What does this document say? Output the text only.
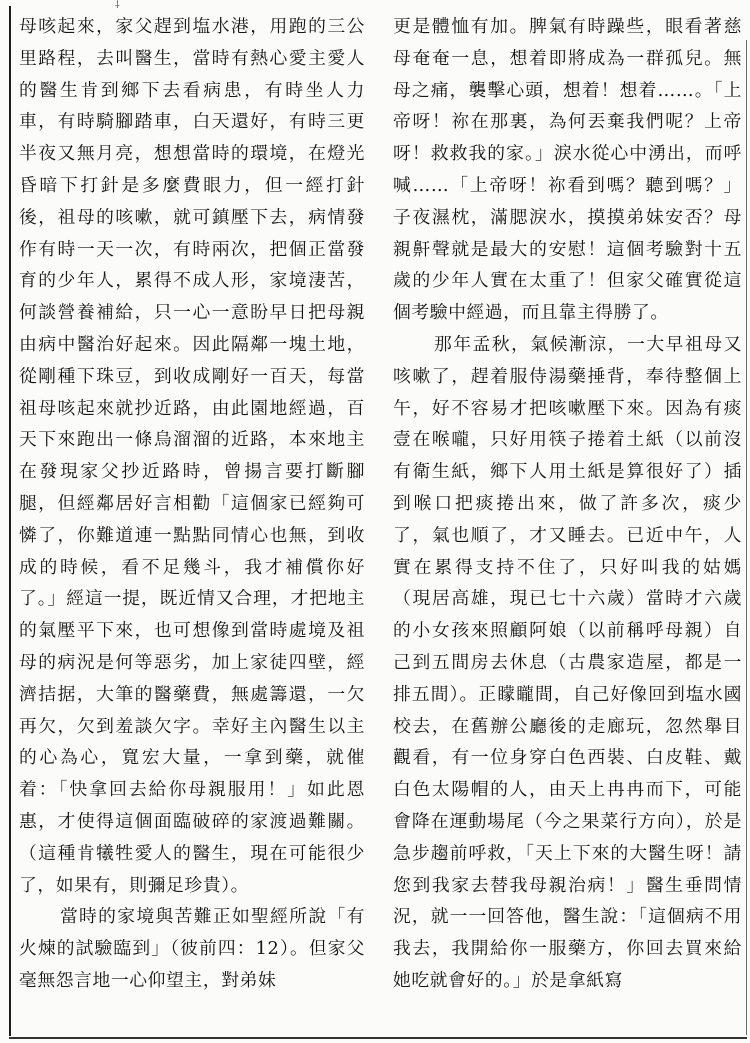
⸸

母咳起來，家父趕到塩水港，用跑的三公里路程，去叫醫生，當時有熱心愛主愛人的醫生肯到鄉下去看病患，有時坐人力車，有時騎腳踏車，白天還好，有時三更半夜又無月亮，想想當時的環境，在燈光昏暗下打針是多麼費眼力，但一經打針後，祖母的咳嗽，就可鎮壓下去，病情發作有時一天一次，有時兩次，把個正當發育的少年人，累得不成人形，家境淒苦，何談營養補給，只一心一意盼早日把母親由病中醫治好起來。因此隔鄰一塊土地，從剛種下珠豆，到收成剛好一百天，每當祖母咳起來就抄近路，由此園地經過，百天下來跑出一條烏溜溜的近路，本來地主在發現家父抄近路時，曾揚言要打斷腳腿，但經鄰居好言相勸「這個家已經夠可憐了，你難道連一點點同情心也無，到收成的時候，看不足幾斗，我才補償你好了。」經這一提，既近情又合理，才把地主的氣壓平下來，也可想像到當時處境及祖母的病況是何等惡劣，加上家徒四壁，經濟拮据，大筆的醫藥費，無處籌還，一欠再欠，欠到羞談欠字。幸好主內醫生以主的心為心，寬宏大量，一拿到藥，就催着：「快拿回去給你母親服用！」如此恩惠，才使得這個面臨破碎的家渡過難關。（這種肯犧牲愛人的醫生，現在可能很少了，如果有，則彌足珍貴）。

當時的家境與苦難正如聖經所說「有火煉的試驗臨到」（彼前四：12）。但家父毫無怨言地一心仰望主，對弟妹

更是體恤有加。脾氣有時躁些，眼看著慈母奄奄一息，想着即將成為一群孤兒。無母之痛，襲擊心頭，想着！想着……。「上帝呀！祢在那裏，為何丟棄我們呢？上帝呀！救救我的家。」淚水從心中湧出，而呼喊……「上帝呀！祢看到嗎？聽到嗎？」子夜濕枕，滿腮淚水，摸摸弟妹安否？母親鼾聲就是最大的安慰！這個考驗對十五歲的少年人實在太重了！但家父確實從這個考驗中經過，而且靠主得勝了。

那年孟秋，氣候漸涼，一大早祖母又咳嗽了，趕着服侍湯藥捶背，奉待整個上午，好不容易才把咳嗽壓下來。因為有痰壹在喉嚨，只好用筷子捲着土紙（以前沒有衛生紙，鄉下人用土紙是算很好了）插到喉口把痰捲出來，做了許多次，痰少了，氣也順了，才又睡去。已近中午，人實在累得支持不住了，只好叫我的姑媽（現居高雄，現已七十六歲）當時才六歲的小女孩來照顧阿娘（以前稱呼母親）自己到五間房去休息（古農家造屋，都是一排五間）。正矇矓間，自己好像回到塩水國校去，在舊辦公廳後的走廊玩，忽然舉目觀看，有一位身穿白色西裝、白皮鞋、戴白色太陽帽的人，由天上冉冉而下，可能會降在運動場尾（今之果菜行方向），於是急步趨前呼救，「天上下來的大醫生呀！請您到我家去替我母親治病！」醫生垂問情況，就一一回答他，醫生說：「這個病不用我去，我開給你一服藥方，你回去買來給她吃就會好的。」於是拿紙寫
